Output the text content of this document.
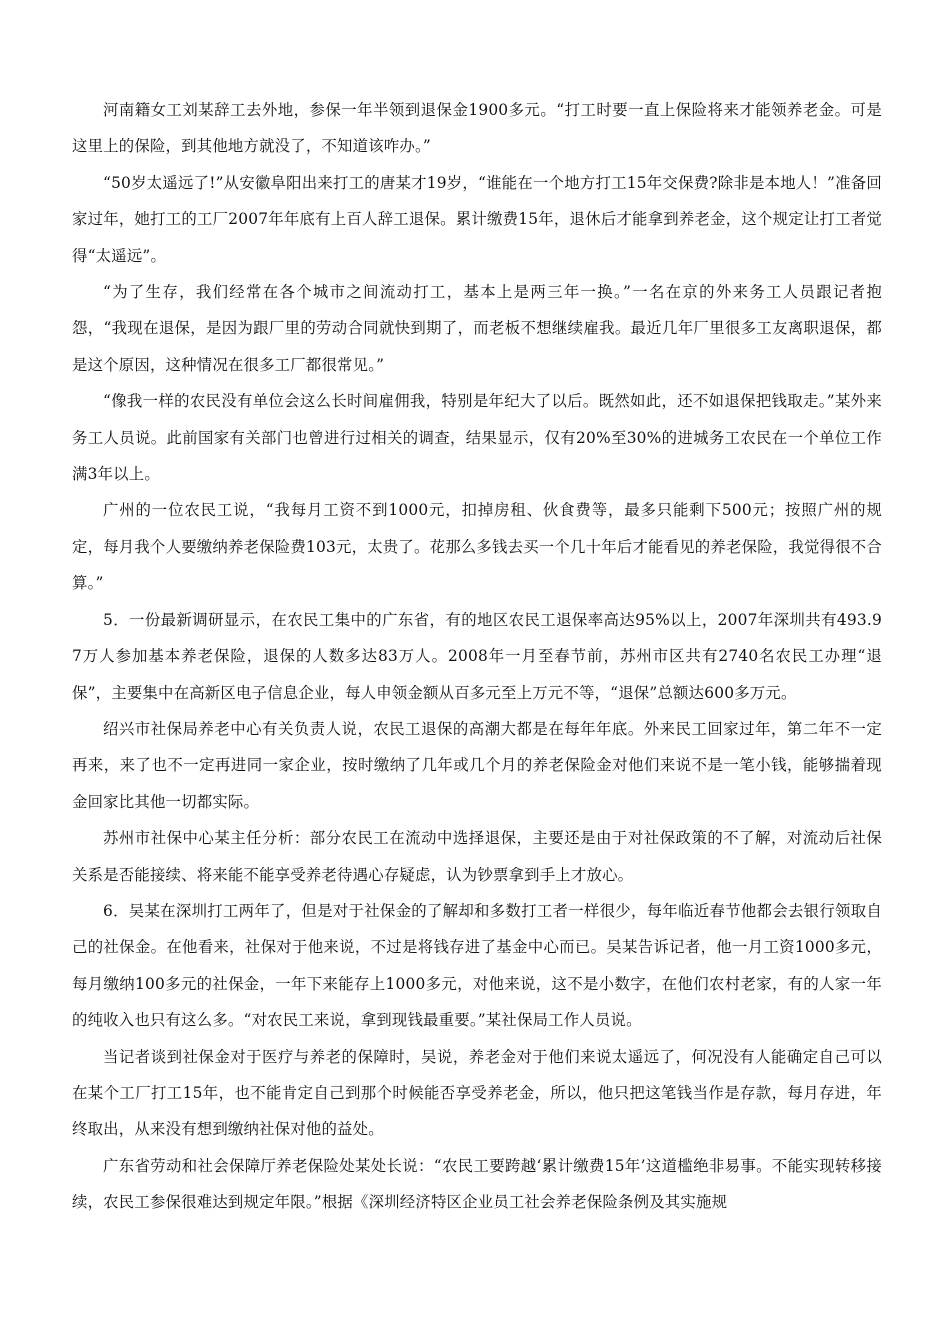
河南籍女工刘某辞工去外地，参保一年半领到退保金1900多元。“打工时要一直上保险将来才能领养老金。可是这里上的保险，到其他地方就没了，不知道该咋办。”

“50岁太遥远了!”从安徽阜阳出来打工的唐某才19岁，“谁能在一个地方打工15年交保费?除非是本地人！”准备回家过年，她打工的工厂2007年年底有上百人辞工退保。累计缴费15年，退休后才能拿到养老金，这个规定让打工者觉得“太遥远”。

“为了生存，我们经常在各个城市之间流动打工，基本上是两三年一换。”一名在京的外来务工人员跟记者抱怨，“我现在退保，是因为跟厂里的劳动合同就快到期了，而老板不想继续雇我。最近几年厂里很多工友离职退保，都是这个原因，这种情况在很多工厂都很常见。”

“像我一样的农民没有单位会这么长时间雇佣我，特别是年纪大了以后。既然如此，还不如退保把钱取走。”某外来务工人员说。此前国家有关部门也曾进行过相关的调查，结果显示，仅有20%至30%的进城务工农民在一个单位工作满3年以上。

广州的一位农民工说，“我每月工资不到1000元，扣掉房租、伙食费等，最多只能剩下500元；按照广州的规定，每月我个人要缴纳养老保险费103元，太贵了。花那么多钱去买一个几十年后才能看见的养老保险，我觉得很不合算。”

5．一份最新调研显示，在农民工集中的广东省，有的地区农民工退保率高达95%以上，2007年深圳共有493.97万人参加基本养老保险，退保的人数多达83万人。2008年一月至春节前，苏州市区共有2740名农民工办理“退保”，主要集中在高新区电子信息企业，每人申领金额从百多元至上万元不等，“退保”总额达600多万元。

绍兴市社保局养老中心有关负责人说，农民工退保的高潮大都是在每年年底。外来民工回家过年，第二年不一定再来，来了也不一定再进同一家企业，按时缴纳了几年或几个月的养老保险金对他们来说不是一笔小钱，能够揣着现金回家比其他一切都实际。

苏州市社保中心某主任分析：部分农民工在流动中选择退保，主要还是由于对社保政策的不了解，对流动后社保关系是否能接续、将来能不能享受养老待遇心存疑虑，认为钞票拿到手上才放心。

6．吴某在深圳打工两年了，但是对于社保金的了解却和多数打工者一样很少，每年临近春节他都会去银行领取自己的社保金。在他看来，社保对于他来说，不过是将钱存进了基金中心而已。吴某告诉记者，他一月工资1000多元，每月缴纳100多元的社保金，一年下来能存上1000多元，对他来说，这不是小数字，在他们农村老家，有的人家一年的纯收入也只有这么多。“对农民工来说，拿到现钱最重要。”某社保局工作人员说。

当记者谈到社保金对于医疗与养老的保障时，吴说，养老金对于他们来说太遥远了，何况没有人能确定自己可以在某个工厂打工15年，也不能肯定自己到那个时候能否享受养老金，所以，他只把这笔钱当作是存款，每月存进，年终取出，从来没有想到缴纳社保对他的益处。

广东省劳动和社会保障厅养老保险处某处长说：“农民工要跨越‘累计缴费15年’这道槛绝非易事。不能实现转移接续，农民工参保很难达到规定年限。”根据《深圳经济特区企业员工社会养老保险条例及其实施规
